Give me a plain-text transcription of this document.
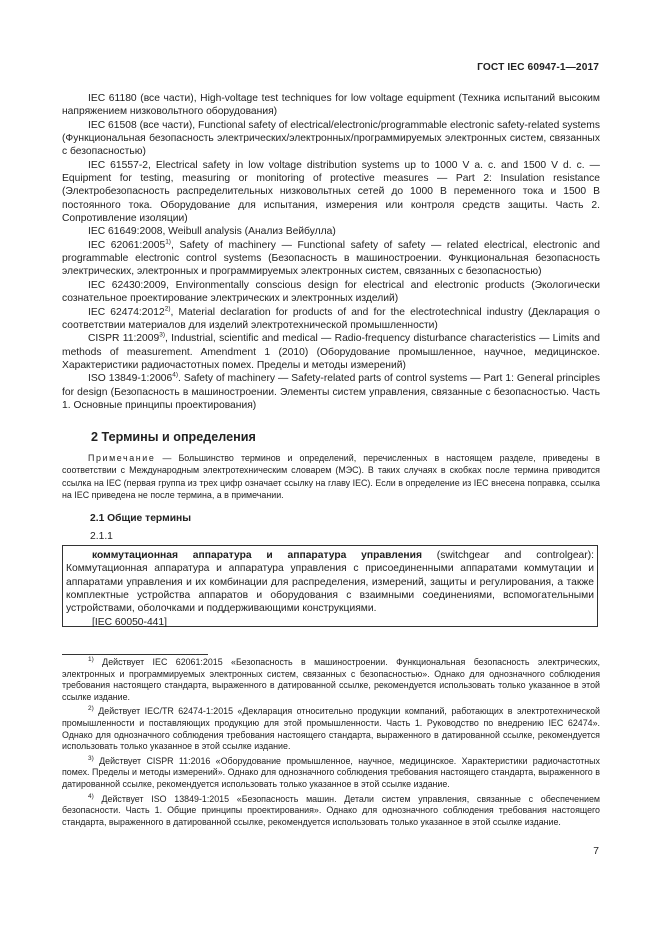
ГОСТ IEC 60947-1—2017

IEC 61180 (все части), High-voltage test techniques for low voltage equipment (Техника испытаний высоким напряжением низковольтного оборудования)

IEC 61508 (все части), Functional safety of electrical/electronic/programmable electronic safety-related systems (Функциональная безопасность электрических/электронных/программируемых электронных систем, связанных с безопасностью)

IEC 61557-2, Electrical safety in low voltage distribution systems up to 1000 V a. c. and 1500 V d. c. — Equipment for testing, measuring or monitoring of protective measures — Part 2: Insulation resistance (Электробезопасность распределительных низковольтных сетей до 1000 В переменного тока и 1500 В постоянного тока. Оборудование для испытания, измерения или контроля средств защиты. Часть 2. Сопротивление изоляции)

IEC 61649:2008, Weibull analysis (Анализ Вейбулла)

IEC 62061:2005$^{1)}$, Safety of machinery — Functional safety of safety — related electrical, electronic and programmable electronic control systems (Безопасность в машиностроении. Функциональная безопасность электрических, электронных и программируемых электронных систем, связанных с безопасностью)

IEC 62430:2009, Environmentally conscious design for electrical and electronic products (Экологически сознательное проектирование электрических и электронных изделий)

IEC 62474:2012$^{2)}$, Material declaration for products of and for the electrotechnical industry (Декларация о соответствии материалов для изделий электротехнической промышленности)

CISPR 11:2009$^{3)}$, Industrial, scientific and medical — Radio-frequency disturbance characteristics — Limits and methods of measurement. Amendment 1 (2010) (Оборудование промышленное, научное, медицинское. Характеристики радиочастотных помех. Пределы и методы измерений)

ISO 13849-1:2006$^{4)}$. Safety of machinery — Safety-related parts of control systems — Part 1: General principles for design (Безопасность в машиностроении. Элементы систем управления, связанные с безопасностью. Часть 1. Основные принципы проектирования)

2 Термины и определения
Примечание — Большинство терминов и определений, перечисленных в настоящем разделе, приведены в соответствии с Международным электротехническим словарем (МЭС). В таких случаях в скобках после термина приводится ссылка на IEC (первая группа из трех цифр означает ссылку на главу IEC). Если в определение из IEC внесена поправка, ссылка на IEC приведена не после термина, а в примечании.
2.1 Общие термины
2.1.1

коммутационная аппаратура и аппаратура управления (switchgear and controlgear): Коммутационная аппаратура и аппаратура управления с присоединенными аппаратами коммутации и аппаратами управления и их комбинации для распределения, измерений, защиты и регулирования, а также комплектные устройства аппаратов и оборудования с взаимными соединениями, вспомогательными устройствами, оболочками и поддерживающими конструкциями.

[IEC 60050-441]

$^{1)}$ Действует IEC 62061:2015 «Безопасность в машиностроении. Функциональная безопасность электрических, электронных и программируемых электронных систем, связанных с безопасностью». Однако для однозначного соблюдения требования настоящего стандарта, выраженного в датированной ссылке, рекомендуется использовать только указанное в этой ссылке издание.

$^{2)}$ Действует IEC/TR 62474-1:2015 «Декларация относительно продукции компаний, работающих в электротехнической промышленности и поставляющих продукцию для этой промышленности. Часть 1. Руководство по внедрению IEC 62474». Однако для однозначного соблюдения требования настоящего стандарта, выраженного в датированной ссылке, рекомендуется использовать только указанное в этой ссылке издание.

$^{3)}$ Действует CISPR 11:2016 «Оборудование промышленное, научное, медицинское. Характеристики радиочастотных помех. Пределы и методы измерений». Однако для однозначного соблюдения требования настоящего стандарта, выраженного в датированной ссылке, рекомендуется использовать только указанное в этой ссылке издание.

$^{4)}$ Действует ISO 13849-1:2015 «Безопасность машин. Детали систем управления, связанные с обеспечением безопасности. Часть 1. Общие принципы проектирования». Однако для однозначного соблюдения требования настоящего стандарта, выраженного в датированной ссылке, рекомендуется использовать только указанное в этой ссылке издание.

7
